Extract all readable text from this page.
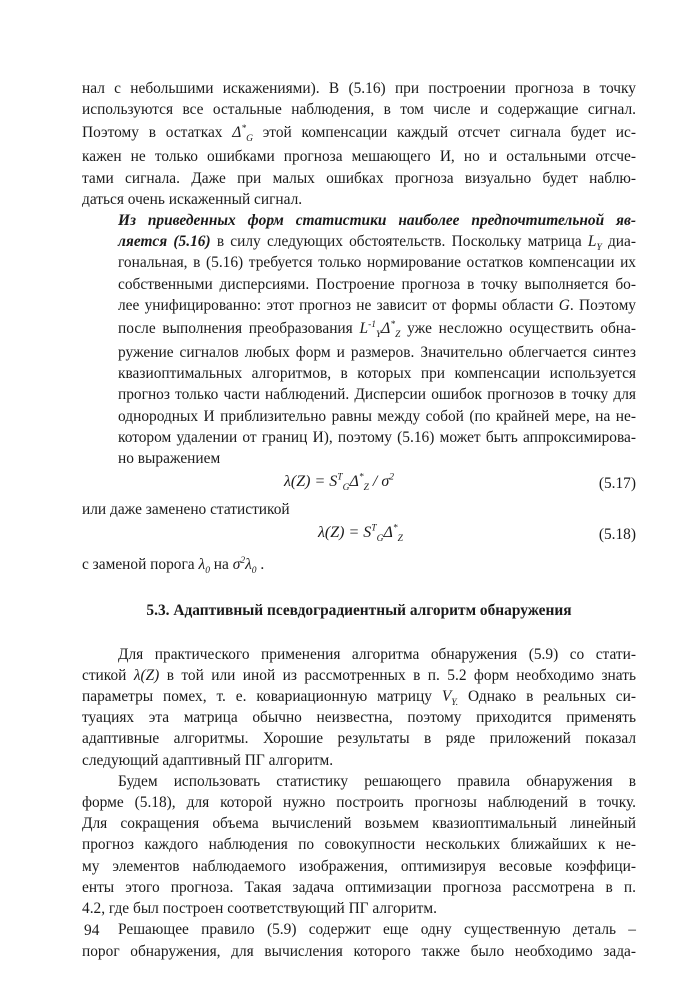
нал с небольшими искажениями). В (5.16) при построении прогноза в точку
используются все остальные наблюдения, в том числе и содержащие сигнал.
Поэтому в остатках $\Delta^*_G$ этой компенсации каждый отсчет сигнала будет ис-
кажен не только ошибками прогноза мешающего И, но и остальными отсче-
тами сигнала. Даже при малых ошибках прогноза визуально будет наблю-
даться очень искаженный сигнал.

Из приведенных форм статистики наиболее предпочтительной яв-
ляется (5.16) в силу следующих обстоятельств. Поскольку матрица $L_Y$ диа-
гональная, в (5.16) требуется только нормирование остатков компенсации их
собственными дисперсиями. Построение прогноза в точку выполняется бо-
лее унифицированно: этот прогноз не зависит от формы области G. Поэтому
после выполнения преобразования $L^{-1}_Y\Delta^*_Z$ уже несложно осуществить обна-
ружение сигналов любых форм и размеров. Значительно облегчается синтез
квазиоптимальных алгоритмов, в которых при компенсации используется
прогноз только части наблюдений. Дисперсии ошибок прогнозов в точку для
однородных И приблизительно равны между собой (по крайней мере, на не-
котором удалении от границ И), поэтому (5.16) может быть аппроксимирова-
но выражением

$\lambda(Z) = S^T_G\Delta^*_Z / \sigma^2$	(5.17)

или даже заменено статистикой

$\lambda(Z) = S^T_G\Delta^*_Z$	(5.18)

с заменой порога $\lambda_0$ на $\sigma^2\lambda_0$ .

5.3. Адаптивный псевдоградиентный алгоритм обнаружения

Для практического применения алгоритма обнаружения (5.9) со стати-
стикой λ(Z) в той или иной из рассмотренных в п. 5.2 форм необходимо знать
параметры помех, т. е. ковариационную матрицу $V_{Y.}$ Однако в реальных си-
туациях эта матрица обычно неизвестна, поэтому приходится применять
адаптивные алгоритмы. Хорошие результаты в ряде приложений показал
следующий адаптивный ПГ алгоритм.

Будем использовать статистику решающего правила обнаружения в
форме (5.18), для которой нужно построить прогнозы наблюдений в точку.
Для сокращения объема вычислений возьмем квазиоптимальный линейный
прогноз каждого наблюдения по совокупности нескольких ближайших к не-
му элементов наблюдаемого изображения, оптимизируя весовые коэффици-
енты этого прогноза. Такая задача оптимизации прогноза рассмотрена в п.
4.2, где был построен соответствующий ПГ алгоритм.

Решающее правило (5.9) содержит еще одну существенную деталь –
порог обнаружения, для вычисления которого также было необходимо зада-

94
